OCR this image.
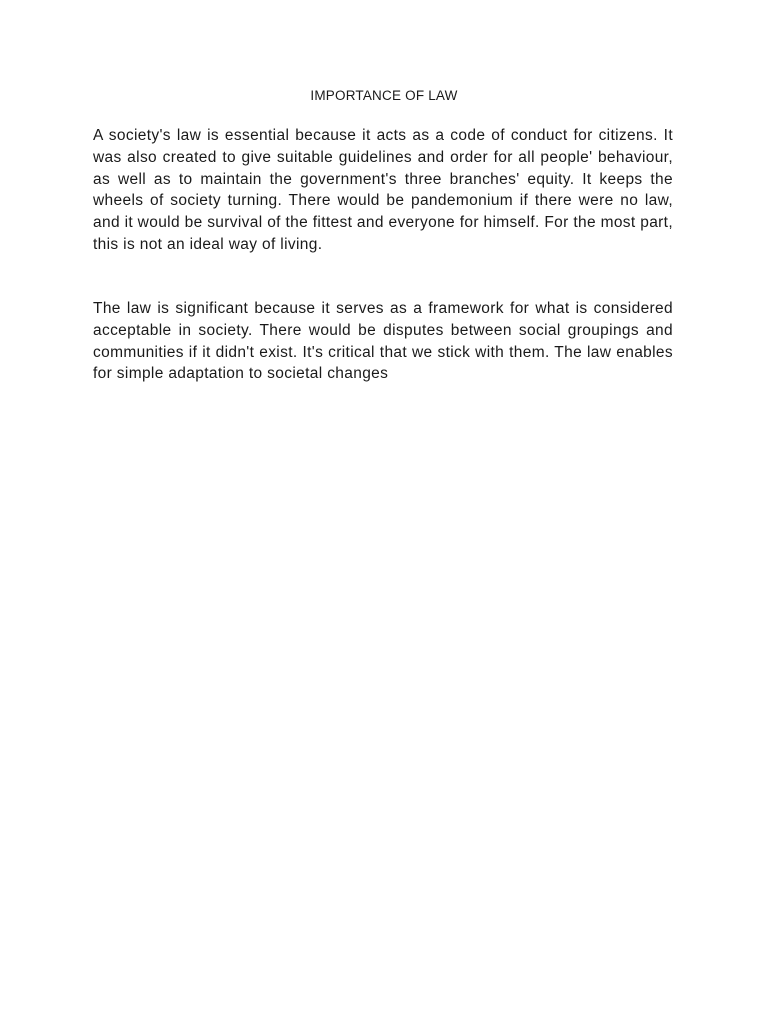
IMPORTANCE OF LAW

A society's law is essential because it acts as a code of conduct for citizens. It was also created to give suitable guidelines and order for all people' behaviour, as well as to maintain the government's three branches' equity. It keeps the wheels of society turning. There would be pandemonium if there were no law, and it would be survival of the fittest and everyone for himself. For the most part, this is not an ideal way of living.

The law is significant because it serves as a framework for what is considered acceptable in society. There would be disputes between social groupings and communities if it didn't exist. It's critical that we stick with them. The law enables for simple adaptation to societal changes
